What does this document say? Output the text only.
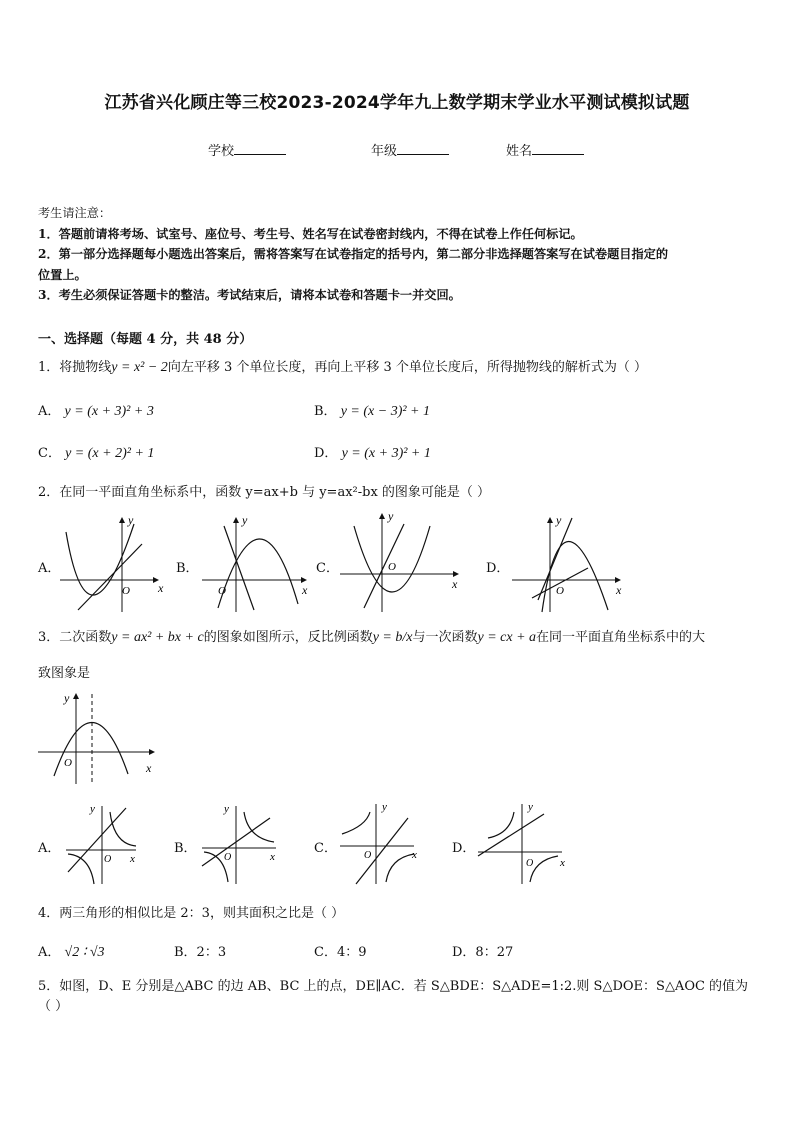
江苏省兴化顾庄等三校2023-2024学年九上数学期末学业水平测试模拟试题
学校	年级	姓名
考生请注意：
1．答题前请将考场、试室号、座位号、考生号、姓名写在试卷密封线内，不得在试卷上作任何标记。
2．第一部分选择题每小题选出答案后，需将答案写在试卷指定的括号内，第二部分非选择题答案写在试卷题目指定的
位置上。
3．考生必须保证答题卡的整洁。考试结束后，请将本试卷和答题卡一并交回。
一、选择题（每题 4 分，共 48 分）
1．将抛物线y = x² − 2向左平移 3 个单位长度，再向上平移 3 个单位长度后，所得抛物线的解析式为（ ）
A． y = (x + 3)² + 3	B． y = (x − 3)² + 1
C． y = (x + 2)² + 1	D． y = (x + 3)² + 1
2．在同一平面直角坐标系中，函数 y=ax+b 与 y=ax²-bx 的图象可能是（ ）
A．
y
x
O
B．
y
x
O
C．
y
x
O	D．
y
x
O
3．二次函数y = ax² + bx + c的图象如图所示，反比例函数y = b/x与一次函数y = cx + a在同一平面直角坐标系中的大
致图象是
y
x
O
A．
y
x
O
B．
y
x
O
C．
y
x
O	D．
y
x
O
4．两三角形的相似比是 2：3，则其面积之比是（ ）
A． √2 ∶ √3	B．2：3	C．4：9	D．8：27
5．如图，D、E 分别是△ABC 的边 AB、BC 上的点，DE∥AC．若 S△BDE：S△ADE=1:2.则 S△DOE：S△AOC 的值为（ ）
